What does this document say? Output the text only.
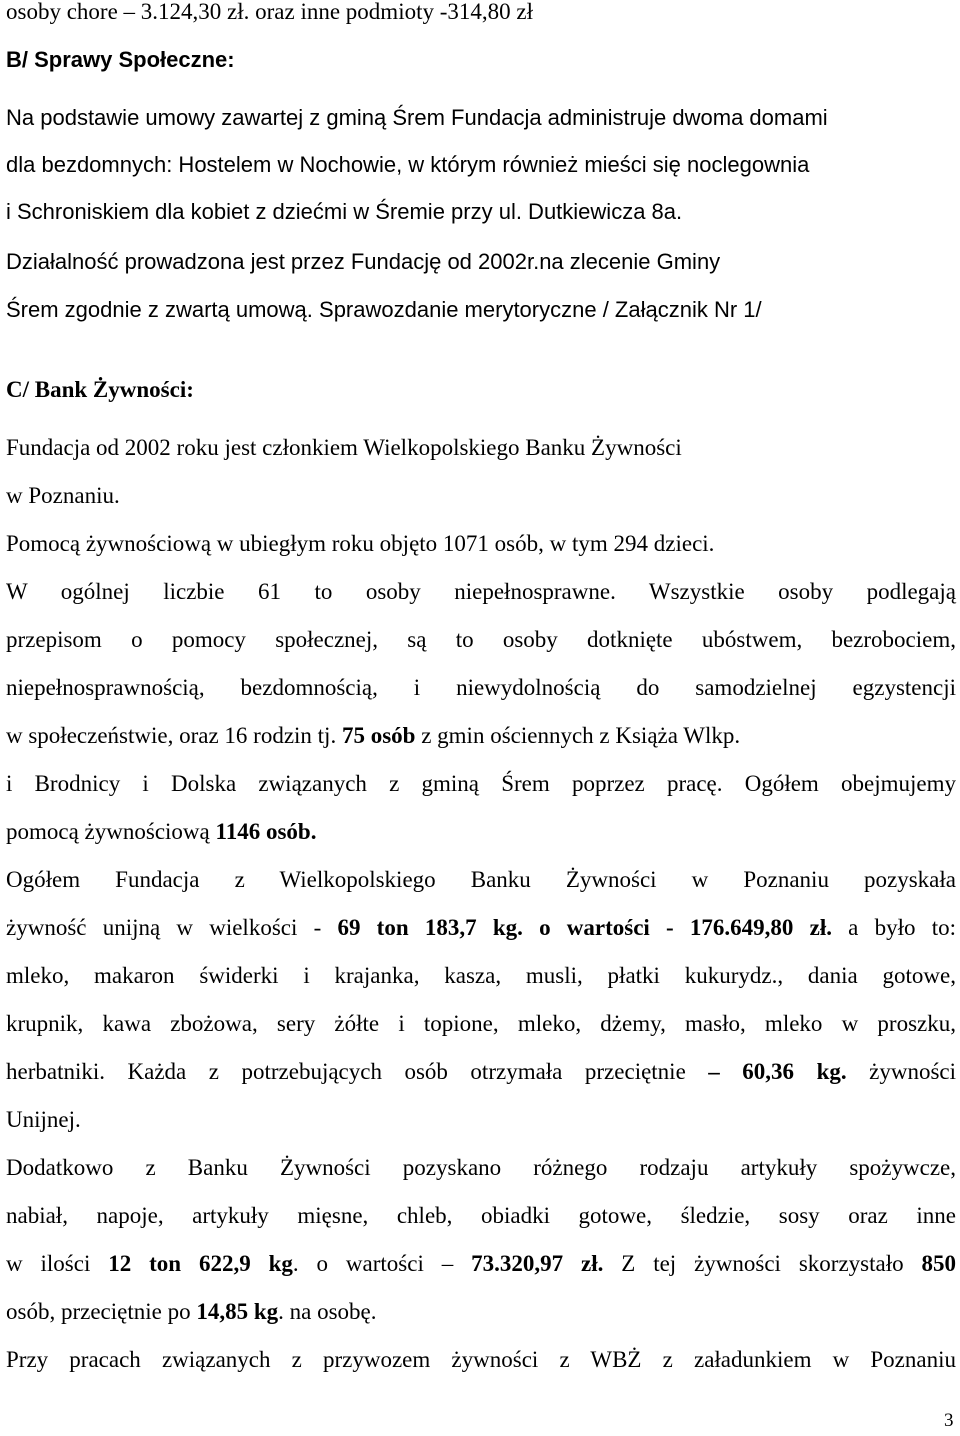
osoby chore – 3.124,30 zł. oraz inne podmioty -314,80 zł
B/ Sprawy Społeczne:
Na podstawie umowy zawartej z gminą Śrem Fundacja administruje dwoma domami
dla bezdomnych: Hostelem w Nochowie, w którym również mieści się noclegownia
i Schroniskiem dla kobiet z dziećmi w Śremie przy ul. Dutkiewicza 8a.
Działalność prowadzona jest przez Fundację od 2002r.na zlecenie Gminy
Śrem zgodnie z zwartą umową. Sprawozdanie merytoryczne / Załącznik Nr 1/
C/ Bank Żywności:
Fundacja od 2002 roku jest członkiem Wielkopolskiego Banku Żywności
w Poznaniu.
Pomocą żywnościową w ubiegłym roku objęto 1071 osób, w tym 294 dzieci.
W ogólnej liczbie 61 to osoby niepełnosprawne. Wszystkie osoby podlegają
przepisom o pomocy społecznej, są to osoby dotknięte ubóstwem, bezrobociem,
niepełnosprawnością, bezdomnością, i niewydolnością do samodzielnej egzystencji
w społeczeństwie, oraz 16 rodzin tj. 75 osób z gmin ościennych z Książa Wlkp.
i Brodnicy i Dolska związanych z gminą Śrem poprzez pracę. Ogółem obejmujemy
pomocą żywnościową 1146 osób.
Ogółem Fundacja z Wielkopolskiego Banku Żywności w Poznaniu pozyskała
żywność unijną w wielkości - 69 ton 183,7 kg. o wartości - 176.649,80 zł. a było to:
mleko, makaron świderki i krajanka, kasza, musli, płatki kukurydz., dania gotowe,
krupnik, kawa zbożowa, sery żółte i topione, mleko, dżemy, masło, mleko w proszku,
herbatniki. Każda z potrzebujących osób otrzymała przeciętnie – 60,36 kg. żywności
Unijnej.
Dodatkowo z Banku Żywności pozyskano różnego rodzaju artykuły spożywcze,
nabiał, napoje, artykuły mięsne, chleb, obiadki gotowe, śledzie, sosy oraz inne
w ilości 12 ton 622,9 kg. o wartości – 73.320,97 zł. Z tej żywności skorzystało 850
osób, przeciętnie po 14,85 kg. na osobę.
Przy pracach związanych z przywozem żywności z WBŻ z załadunkiem w Poznaniu
3
